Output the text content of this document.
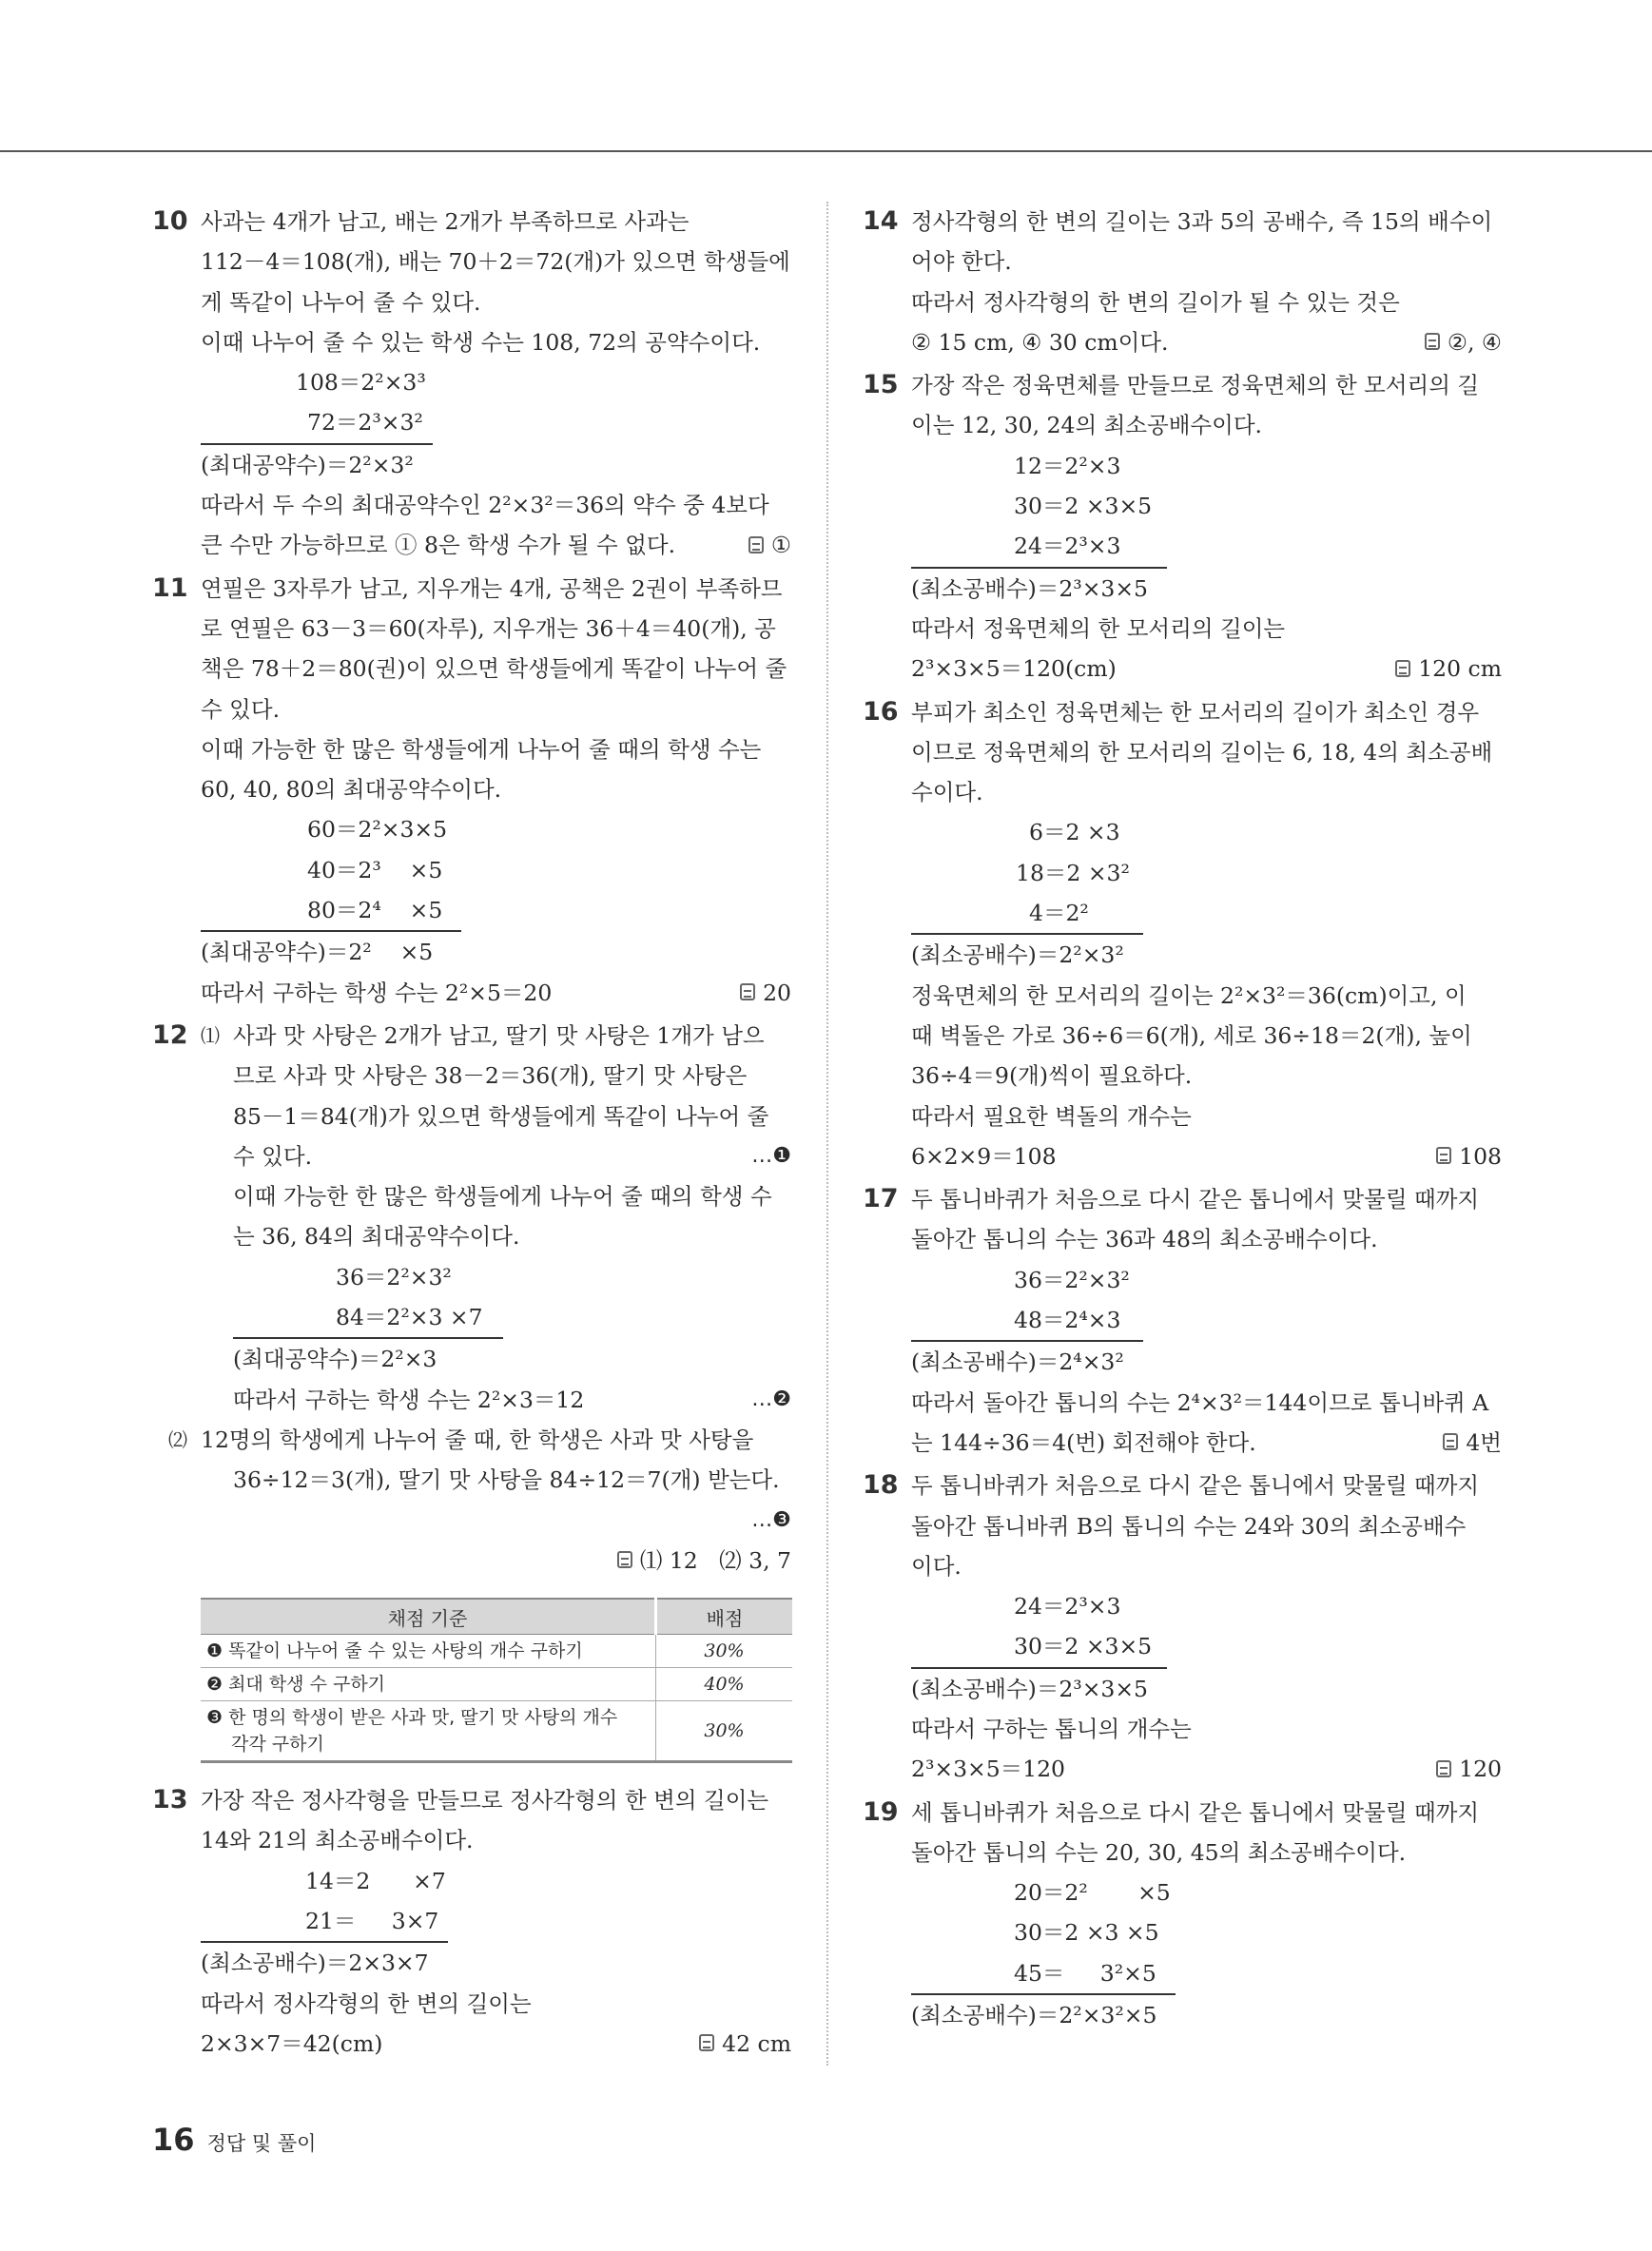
10 사과는 4개가 남고, 배는 2개가 부족하므로 사과는
112－4＝108(개), 배는 70＋2＝72(개)가 있으면 학생들에
게 똑같이 나누어 줄 수 있다.
이때 나누어 줄 수 있는 학생 수는 108, 72의 공약수이다.
108＝2²×3³
72＝2³×3²
(최대공약수)＝2²×3²
따라서 두 수의 최대공약수인 2²×3²＝36의 약수 중 4보다
큰 수만 가능하므로 ① 8은 학생 수가 될 수 없다.	①
11 연필은 3자루가 남고, 지우개는 4개, 공책은 2권이 부족하므
로 연필은 63－3＝60(자루), 지우개는 36＋4＝40(개), 공
책은 78＋2＝80(권)이 있으면 학생들에게 똑같이 나누어 줄
수 있다.
이때 가능한 한 많은 학생들에게 나누어 줄 때의 학생 수는
60, 40, 80의 최대공약수이다.
60＝2²×3×5
40＝2³    ×5
80＝2⁴    ×5
(최대공약수)＝2²    ×5
따라서 구하는 학생 수는 2²×5＝20	20
12 ⑴ 사과 맛 사탕은 2개가 남고, 딸기 맛 사탕은 1개가 남으
므로 사과 맛 사탕은 38－2＝36(개), 딸기 맛 사탕은
85－1＝84(개)가 있으면 학생들에게 똑같이 나누어 줄
수 있다.	…❶
이때 가능한 한 많은 학생들에게 나누어 줄 때의 학생 수
는 36, 84의 최대공약수이다.
36＝2²×3²
84＝2²×3 ×7
(최대공약수)＝2²×3
따라서 구하는 학생 수는 2²×3＝12	…❷
⑵ 12명의 학생에게 나누어 줄 때, 한 학생은 사과 맛 사탕을
36÷12＝3(개), 딸기 맛 사탕을 84÷12＝7(개) 받는다.
…❸

⑴ 12   ⑵ 3, 7

채점 기준	배점
❶ 똑같이 나누어 줄 수 있는 사탕의 개수 구하기	30%
❷ 최대 학생 수 구하기	40%

❸ 한 명의 학생이 받은 사과 맛, 딸기 맛 사탕의 개수
각각 구하기	30%
13 가장 작은 정사각형을 만들므로 정사각형의 한 변의 길이는
14와 21의 최소공배수이다.
14＝2      ×7
21＝     3×7
(최소공배수)＝2×3×7
따라서 정사각형의 한 변의 길이는
2×3×7＝42(cm)	42 cm
14 정사각형의 한 변의 길이는 3과 5의 공배수, 즉 15의 배수이
어야 한다.
따라서 정사각형의 한 변의 길이가 될 수 있는 것은
② 15 cm, ④ 30 cm이다.	②, ④
15 가장 작은 정육면체를 만들므로 정육면체의 한 모서리의 길
이는 12, 30, 24의 최소공배수이다.
12＝2²×3
30＝2 ×3×5
24＝2³×3
(최소공배수)＝2³×3×5
따라서 정육면체의 한 모서리의 길이는
2³×3×5＝120(cm)	120 cm
16 부피가 최소인 정육면체는 한 모서리의 길이가 최소인 경우
이므로 정육면체의 한 모서리의 길이는 6, 18, 4의 최소공배
수이다.
6＝2 ×3
18＝2 ×3²
4＝2²
(최소공배수)＝2²×3²
정육면체의 한 모서리의 길이는 2²×3²＝36(cm)이고, 이
때 벽돌은 가로 36÷6＝6(개), 세로 36÷18＝2(개), 높이
36÷4＝9(개)씩이 필요하다.
따라서 필요한 벽돌의 개수는
6×2×9＝108	108
17 두 톱니바퀴가 처음으로 다시 같은 톱니에서 맞물릴 때까지
돌아간 톱니의 수는 36과 48의 최소공배수이다.
36＝2²×3²
48＝2⁴×3
(최소공배수)＝2⁴×3²
따라서 돌아간 톱니의 수는 2⁴×3²＝144이므로 톱니바퀴 A
는 144÷36＝4(번) 회전해야 한다.	4번
18 두 톱니바퀴가 처음으로 다시 같은 톱니에서 맞물릴 때까지
돌아간 톱니바퀴 B의 톱니의 수는 24와 30의 최소공배수
이다.
24＝2³×3
30＝2 ×3×5
(최소공배수)＝2³×3×5
따라서 구하는 톱니의 개수는
2³×3×5＝120	120
19 세 톱니바퀴가 처음으로 다시 같은 톱니에서 맞물릴 때까지
돌아간 톱니의 수는 20, 30, 45의 최소공배수이다.
20＝2²       ×5
30＝2 ×3 ×5
45＝     3²×5
(최소공배수)＝2²×3²×5
16 정답 및 풀이
